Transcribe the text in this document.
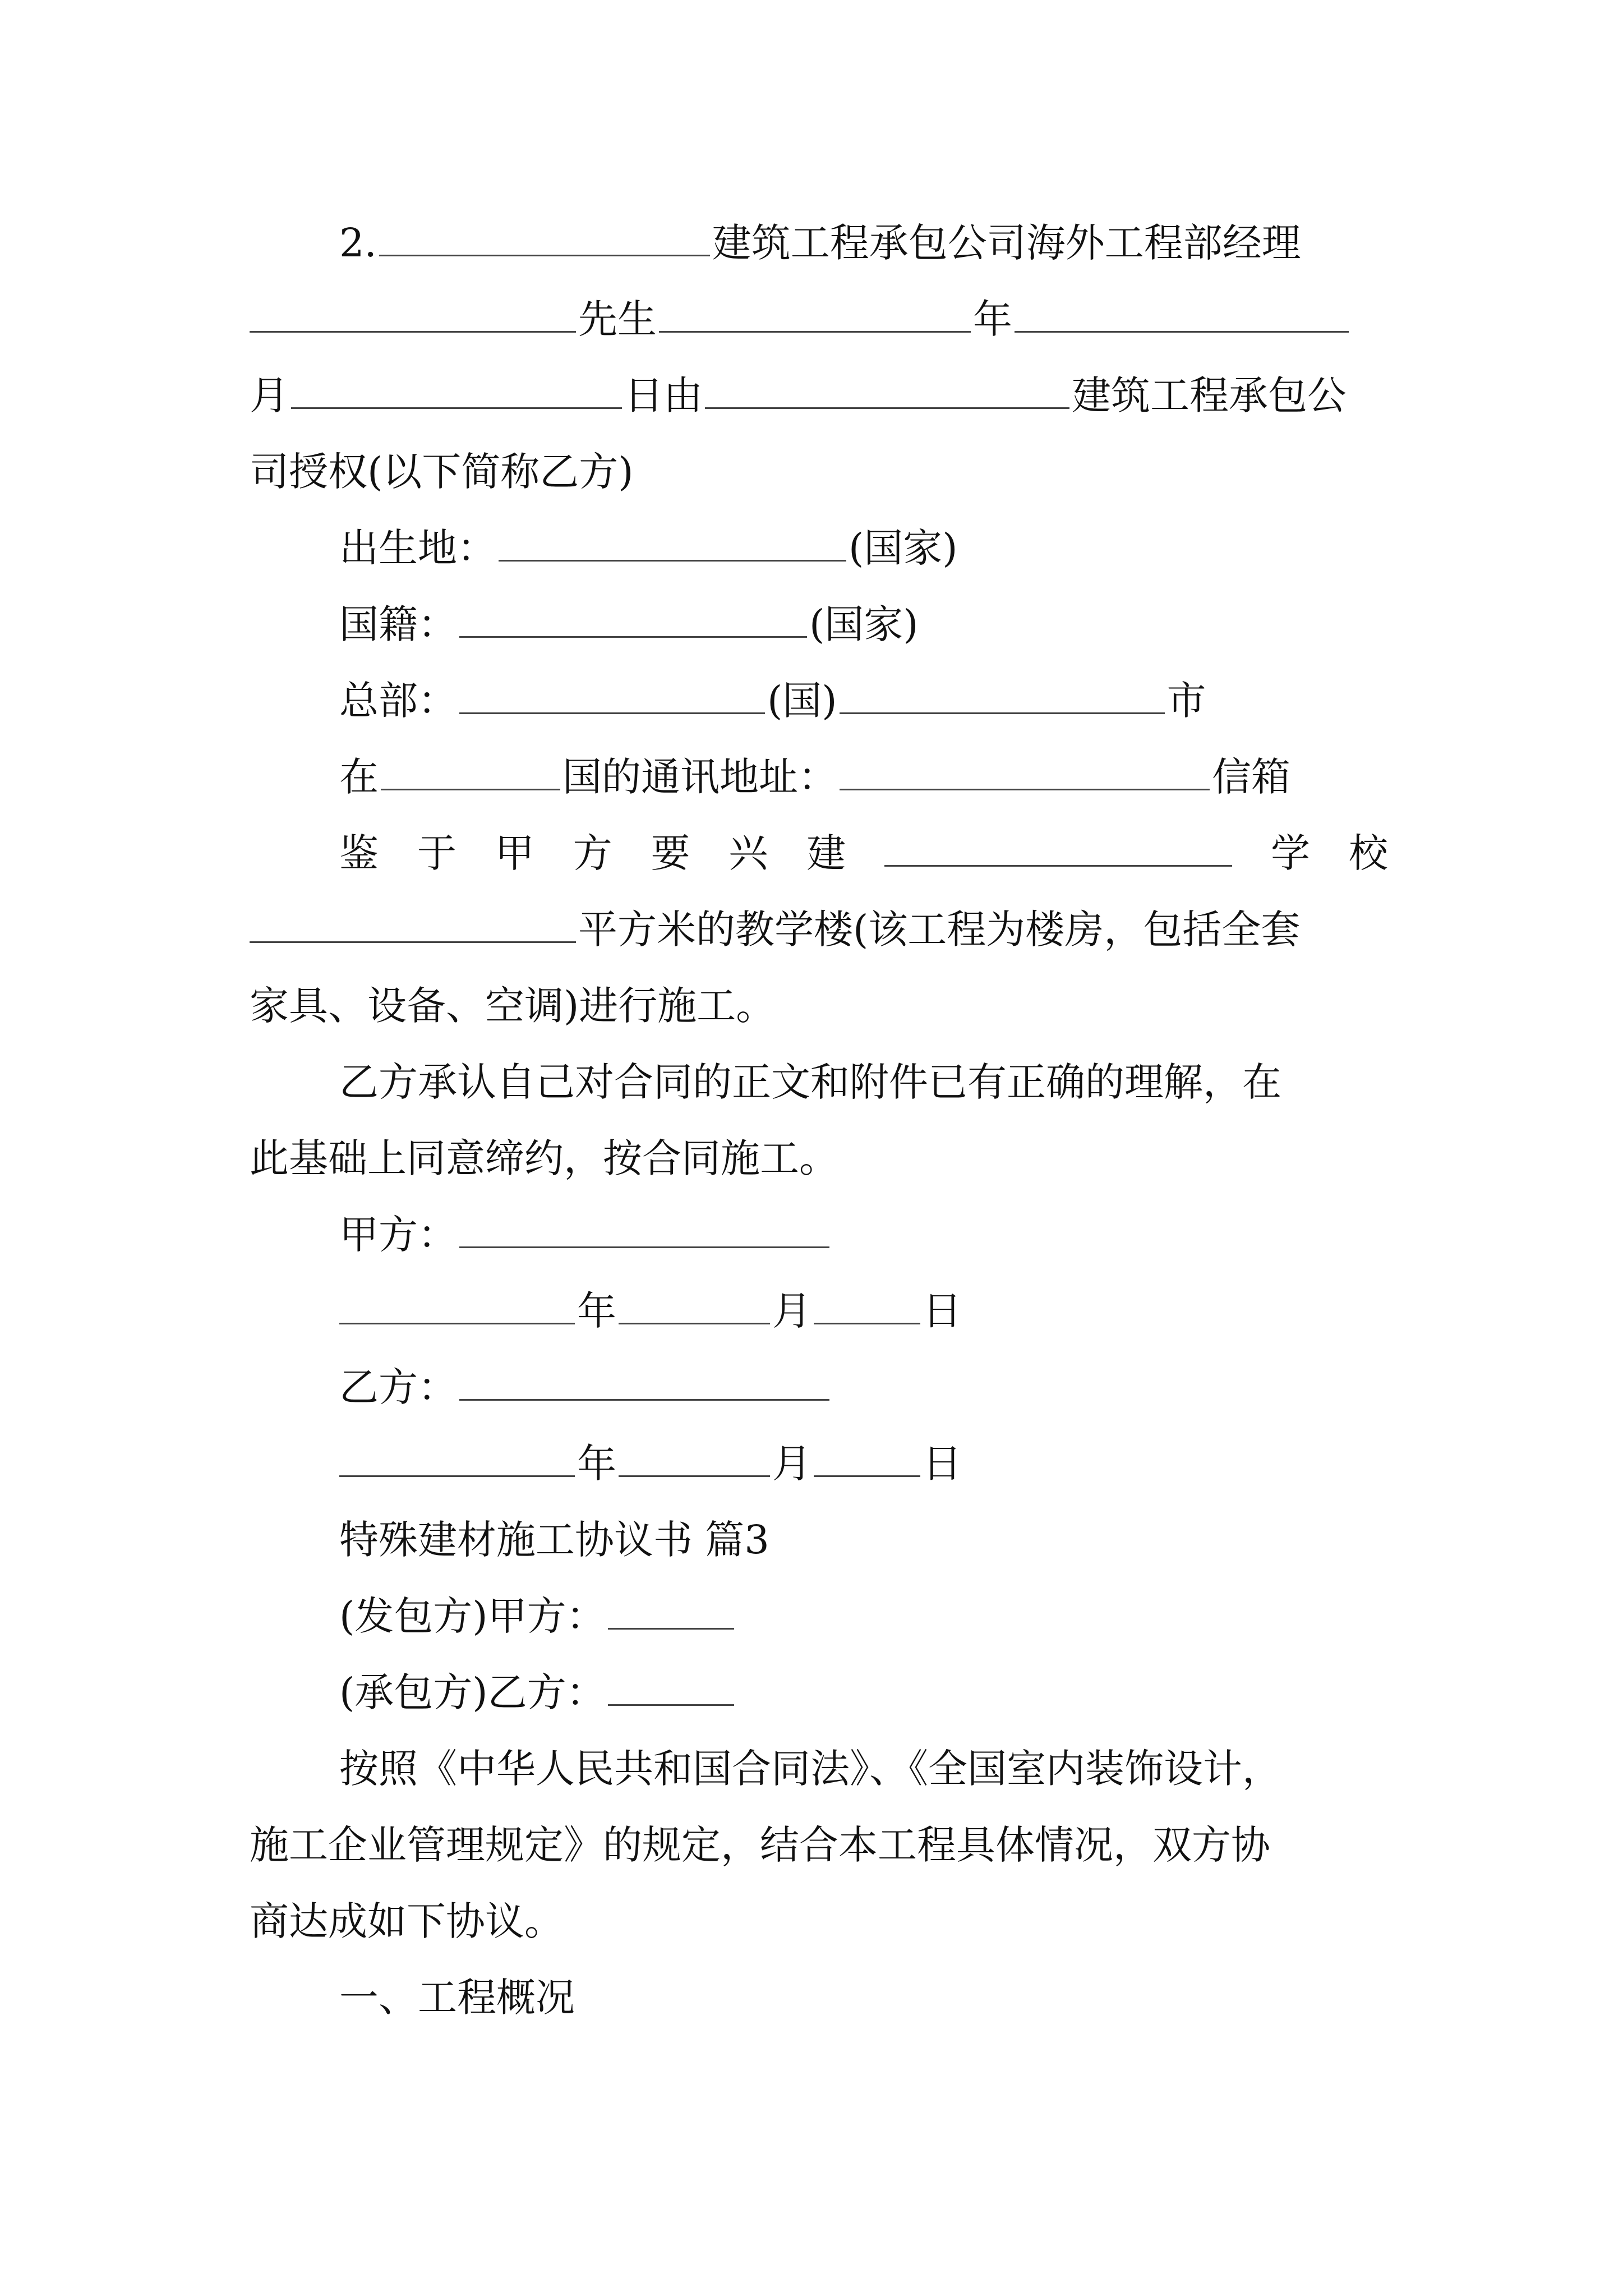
2.	建筑工程承包公司海外工程部经理
先生	年
月	日由	建筑工程承包公
司授权(以下简称乙方)
出生地：	(国家)
国籍：	(国家)
总部：	(国)	市
在	国的通讯地址：	信箱
鉴 于 甲 方 要 兴 建	学 校
平方米的教学楼(该工程为楼房，包括全套
家具、设备、空调)进行施工。
乙方承认自己对合同的正文和附件已有正确的理解，在
此基础上同意缔约，按合同施工。
甲方：
年	月	日
乙方：
年	月	日
特殊建材施工协议书 篇3
(发包方)甲方：
(承包方)乙方：
按照《中华人民共和国合同法》、《全国室内装饰设计，
施工企业管理规定》的规定，结合本工程具体情况，双方协
商达成如下协议。
一、工程概况
